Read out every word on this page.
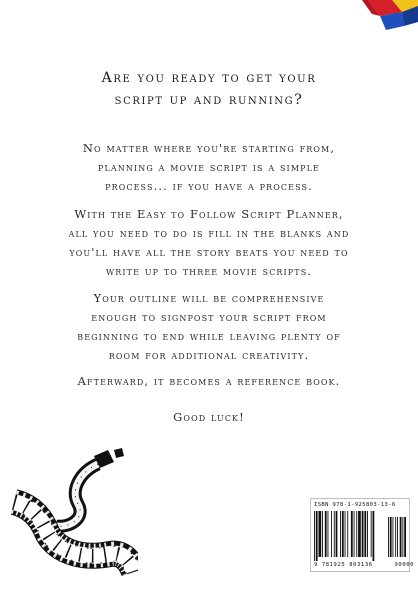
Are you ready to get your
script up and running?
No matter where you're starting from,
planning a movie script is a simple
process... if you have a process.
With the Easy to Follow Script Planner,
all you need to do is fill in the blanks and
you'll have all the story beats you need to
write up to three movie scripts.
Your outline will be comprehensive
enough to signpost your script from
beginning to end while leaving plenty of
room for additional creativity.
Afterward, it becomes a reference book.
Good luck!
ISBN 978-1-925803-13-6
9 781925 803136	90000
